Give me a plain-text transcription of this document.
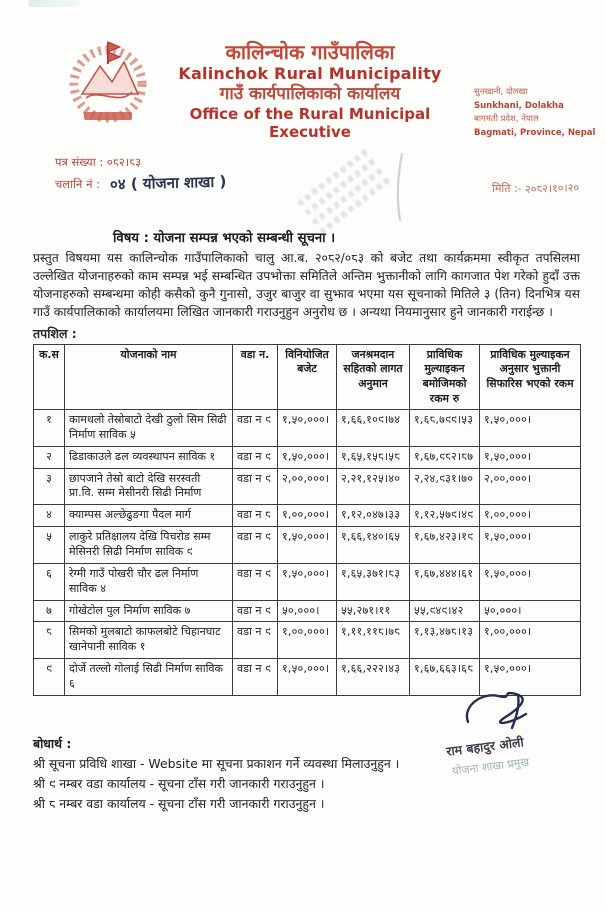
कालिन्चोक गाउँपालिका
Kalinchok Rural Municipality
गाउँ कार्यपालिकाको कार्यालय
Office of the Rural Municipal Executive
सुनखानी, दोलखा
Sunkhani, Dolakha
बागमती प्रदेश, नेपाल
Bagmati, Province, Nepal
पत्र संख्या : ०८२।८३
चलानि नं : ०४ ( योजना शाखा )	मिति :- २०८२।१०।२०
विषय : योजना सम्पन्न भएको सम्बन्धी सूचना ।
प्रस्तुत विषयमा यस कालिन्चोक गाउँपालिकाको चालु आ.ब. २०८२/०८३ को बजेट तथा कार्यक्रममा स्वीकृत तपसिलमा उल्लेखित योजनाहरुको काम सम्पन्न भई सम्बन्धित उपभोक्ता समितिले अन्तिम भुक्तानीको लागि कागजात पेश गरेको हुदाँ उक्त योजनाहरुको सम्बन्धमा कोही कसैको कुनै गुनासो, उजुर बाजुर वा सुझाव भएमा यस सूचनाको मितिले ३ (तिन) दिनभित्र यस गाउँ कार्यपालिकाको कार्यालयमा लिखित जानकारी गराउनुहुन अनुरोध छ । अन्यथा नियमानुसार हुने जानकारी गराईन्छ ।
तपशिल :
क.स	योजनाको नाम	वडा न.	विनियोजित बजेट	जनश्रमदान सहितको लागत अनुमान	प्राविधिक मुल्याइकन बमोजिमको रकम रु	प्राविधिक मुल्याइकन अनुसार भुक्तानी सिफारिस भएको रकम
१	कामथलो तेस्रोबाटो देखी ठुलो सिम सिढी निर्माण साविक ५	वडा न ९	१,५०,०००।	१,६६,१०९।७४	१,६८,७९९।५३	१,५०,०००।
२	ढिडाकाउले ढल व्यवस्थापन साविक १	वडा न ९	१,५०,०००।	१,६५,१५८।५८	१,६७,९८२।८७	१,५०,०००।
३	छापजाने तेस्रो बाटो देखि सरस्वती प्रा.वि. सम्म मेसीनरी सिढी निर्माण	वडा न ९	२,००,०००।	२,२१,१२५।४०	२,२४,९३१।७०	२,००,०००।
४	क्याम्पस अल्छेढुङगा पैदल मार्ग	वडा न ८	१,००,०००।	१,१२,०४७।३३	१,१२,५७९।४९	१,००,०००।
५	लाकुरे प्रतिक्षालय देखि पिचरोड सम्म मेसिनरी सिढी निर्माण साविक ९	वडा न ९	१,५०,०००।	१,६६,१४०।६५	१,६७,४२३।१९	१,५०,०००।
६	रेग्मी गाउँ पोखरी चौर ढल निर्माण साविक ४	वडा न ९	१,५०,०००।	१,६५,३७१।८३	१,६७,४४४।६१	१,५०,०००।
७	गोखेटोल पुल निर्माण साविक ७	वडा न ९	५०,०००।	५५,२७१।११	५५,९४९।४२	५०,०००।
८	सिमको मुलबाटो काफलबोटे चिहानघाट खानेपानी साविक १	वडा न ९	१,००,०००।	१,११,११८।७८	१,१३,४७८।१३	१,००,०००।
९	दोर्जे तल्लो गोलाई सिढी निर्माण साविक ६	वडा न ९	१,५०,०००।	१,६६,२२२।४३	१,६७,६६३।६८	१,५०,०००।
बोधार्थ :
श्री सूचना प्रविधि शाखा - Website मा सूचना प्रकाशन गर्ने व्यवस्था मिलाउनुहुन ।
श्री ९ नम्बर वडा कार्यालय - सूचना टाँस गरी जानकारी गराउनुहुन ।
श्री ८ नम्बर वडा कार्यालय - सूचना टाँस गरी जानकारी गराउनुहुन ।
राम बहादुर ओली
योजना शाखा प्रमुख
